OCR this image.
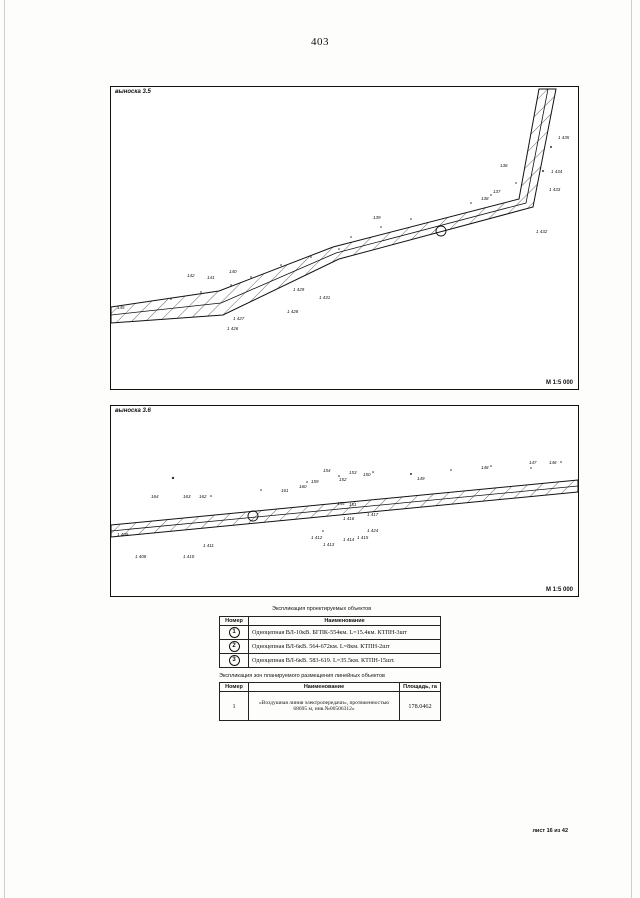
403
142	141
140
1 429
1 431
1 427
1 428
1 426
139
138
137
136
1 435
1 434
1 433
1 432
145
выноска 3.5
М 1:5 000
164	163 162
1 409
1 411
1 408	1 410
161
160
159
154	153
152
155 151
150
149
148
147	146
1 412
1 413
1 414 1 415
1 416
1 417
1 424
выноска 3.6
М 1:5 000
Экспликация проектируемых объектов
Номер	Наименование
1	Одноцепная ВЛ-10кВ. БГПК-554км. L=15.4км. КТПН-3шт
2	Одноцепная ВЛ-6кВ. 564-672км. L=8км. КТПН-2шт
3	Одноцепная ВЛ-6кВ. 583-619. L=35.5км. КТПН-15шт.
Экспликация зон планируемого размещения линейных объектов
Номер	Наименование	Площадь, га
1	«Воздушная линия электропередачи», протяженностью 68695 м, инв.№00506312»	178.0462
лист 16 из 42
